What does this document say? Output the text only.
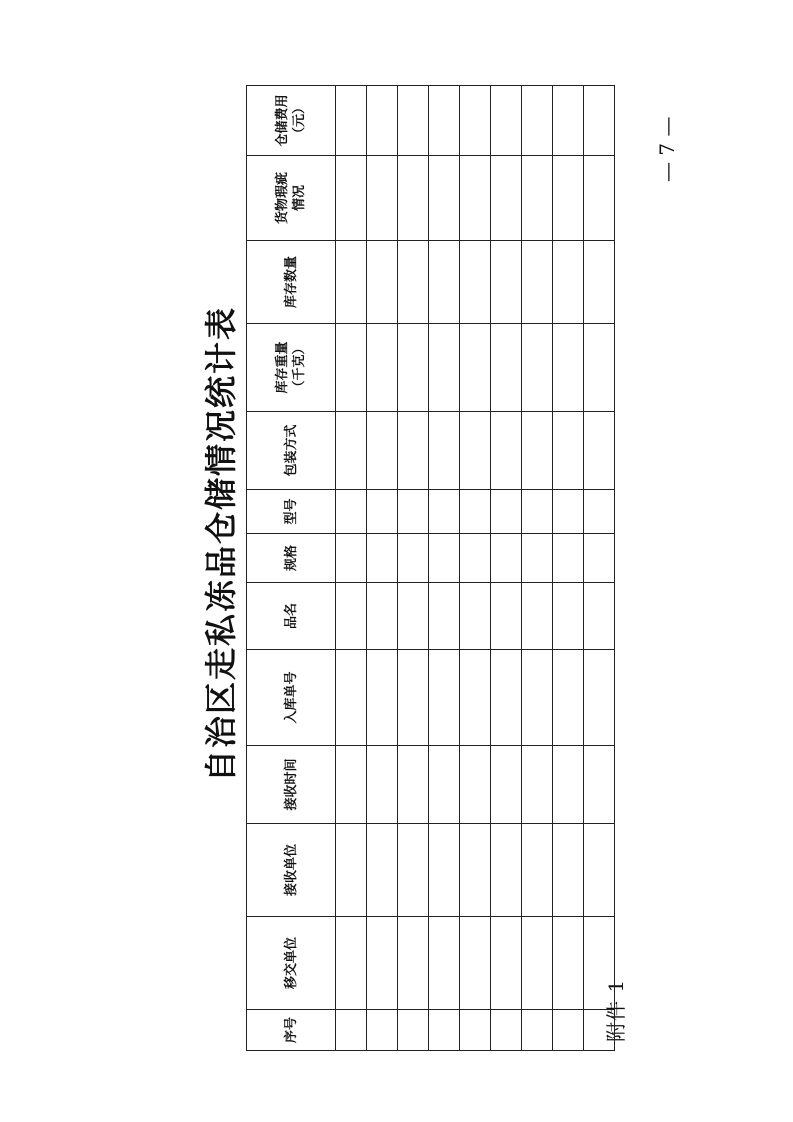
附件 1
自治区走私冻品仓储情况统计表
序号	移交单位	接收单位	接收时间	入库单号	品名	规格	型号	包装方式	库存重量 （千克）	库存数量	货物瑕疵 情况	仓储费用 （元）

													— 7 —
